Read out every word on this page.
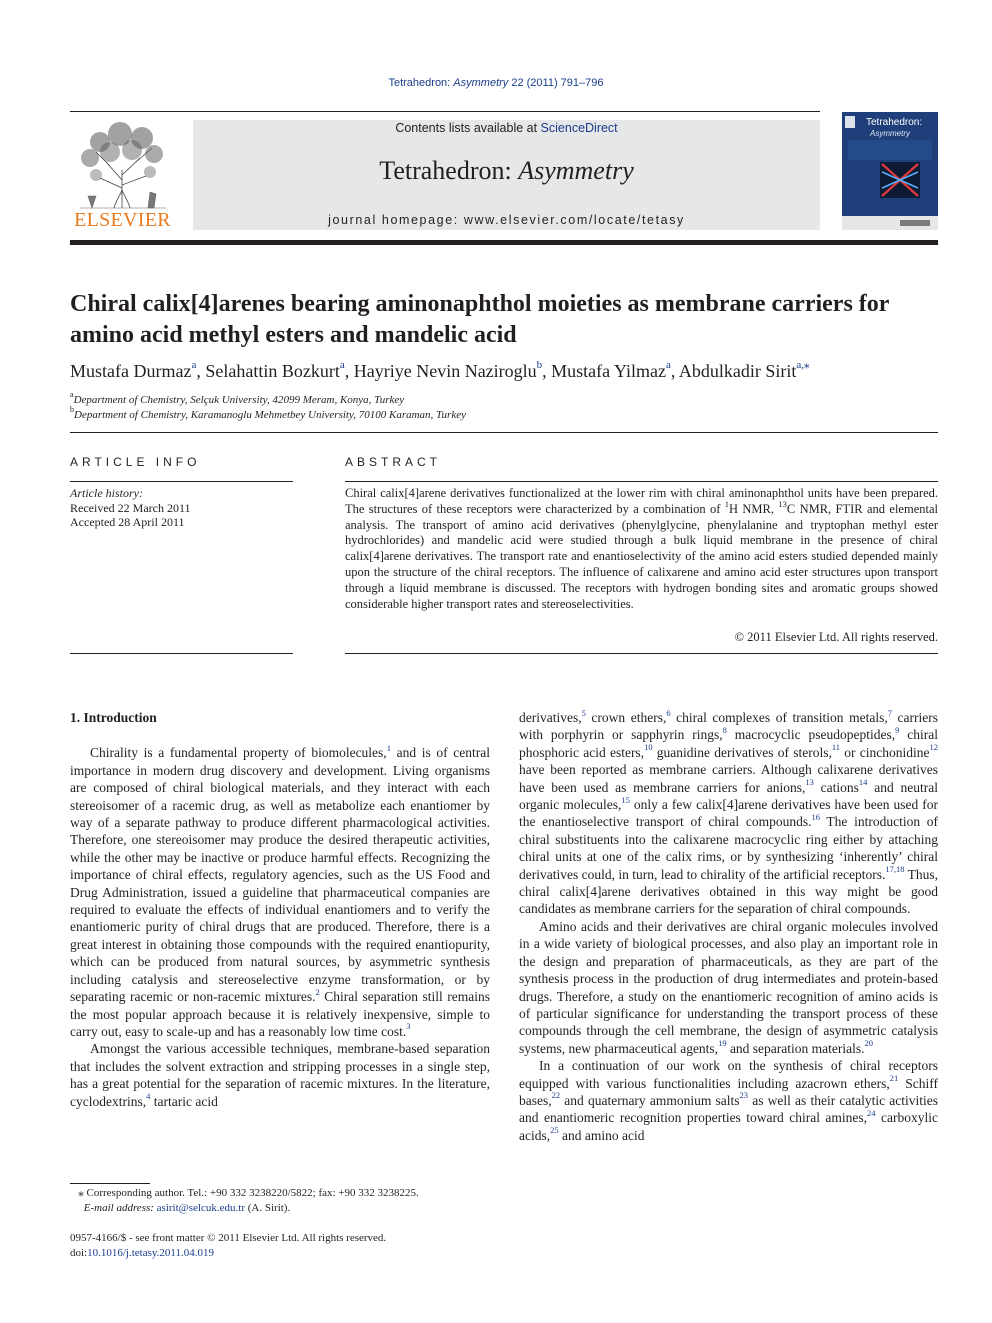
Tetrahedron: Asymmetry 22 (2011) 791–796
ELSEVIER
Contents lists available at ScienceDirect
Tetrahedron: Asymmetry
journal homepage: www.elsevier.com/locate/tetasy
Tetrahedron:
Asymmetry
Chiral calix[4]arenes bearing aminonaphthol moieties as membrane carriers for amino acid methyl esters and mandelic acid
Mustafa Durmaz$^a$, Selahattin Bozkurt$^a$, Hayriye Nevin Naziroglu$^b$, Mustafa Yilmaz$^a$, Abdulkadir Sirit$^{a,⁎}$
$^a$Department of Chemistry, Selçuk University, 42099 Meram, Konya, Turkey
$^b$Department of Chemistry, Karamanoglu Mehmetbey University, 70100 Karaman, Turkey
ARTICLE INFO
Article history:
Received 22 March 2011
Accepted 28 April 2011
ABSTRACT
Chiral calix[4]arene derivatives functionalized at the lower rim with chiral aminonaphthol units have been prepared. The structures of these receptors were characterized by a combination of $^1$H NMR, $^{13}$C NMR, FTIR and elemental analysis. The transport of amino acid derivatives (phenylglycine, phenylalanine and tryptophan methyl ester hydrochlorides) and mandelic acid were studied through a bulk liquid membrane in the presence of chiral calix[4]arene derivatives. The transport rate and enantioselectivity of the amino acid esters studied depended mainly upon the structure of the chiral receptors. The influence of calixarene and amino acid ester structures upon transport through a liquid membrane is discussed. The receptors with hydrogen bonding sites and aromatic groups showed considerable higher transport rates and stereoselectivities.
© 2011 Elsevier Ltd. All rights reserved.
1. Introduction

Chirality is a fundamental property of biomolecules,$^1$ and is of central importance in modern drug discovery and development. Living organisms are composed of chiral biological materials, and they interact with each stereoisomer of a racemic drug, as well as metabolize each enantiomer by way of a separate pathway to produce different pharmacological activities. Therefore, one stereoisomer may produce the desired therapeutic activities, while the other may be inactive or produce harmful effects. Recognizing the importance of chiral effects, regulatory agencies, such as the US Food and Drug Administration, issued a guideline that pharmaceutical companies are required to evaluate the effects of individual enantiomers and to verify the enantiomeric purity of chiral drugs that are produced. Therefore, there is a great interest in obtaining those compounds with the required enantiopurity, which can be produced from natural sources, by asymmetric synthesis including catalysis and stereoselective enzyme transformation, or by separating racemic or non-racemic mixtures.$^2$ Chiral separation still remains the most popular approach because it is relatively inexpensive, simple to carry out, easy to scale-up and has a reasonably low time cost.$^3$

Amongst the various accessible techniques, membrane-based separation that includes the solvent extraction and stripping processes in a single step, has a great potential for the separation of racemic mixtures. In the literature, cyclodextrins,$^4$ tartaric acid

derivatives,$^5$ crown ethers,$^6$ chiral complexes of transition metals,$^7$ carriers with porphyrin or sapphyrin rings,$^8$ macrocyclic pseudopeptides,$^9$ chiral phosphoric acid esters,$^{10}$ guanidine derivatives of sterols,$^{11}$ or cinchonidine$^{12}$ have been reported as membrane carriers. Although calixarene derivatives have been used as membrane carriers for anions,$^{13}$ cations$^{14}$ and neutral organic molecules,$^{15}$ only a few calix[4]arene derivatives have been used for the enantioselective transport of chiral compounds.$^{16}$ The introduction of chiral substituents into the calixarene macrocyclic ring either by attaching chiral units at one of the calix rims, or by synthesizing ‘inherently’ chiral derivatives could, in turn, lead to chirality of the artificial receptors.$^{17,18}$ Thus, chiral calix[4]arene derivatives obtained in this way might be good candidates as membrane carriers for the separation of chiral compounds.

Amino acids and their derivatives are chiral organic molecules involved in a wide variety of biological processes, and also play an important role in the design and preparation of pharmaceuticals, as they are part of the synthesis process in the production of drug intermediates and protein-based drugs. Therefore, a study on the enantiomeric recognition of amino acids is of particular significance for understanding the transport process of these compounds through the cell membrane, the design of asymmetric catalysis systems, new pharmaceutical agents,$^{19}$ and separation materials.$^{20}$

In a continuation of our work on the synthesis of chiral receptors equipped with various functionalities including azacrown ethers,$^{21}$ Schiff bases,$^{22}$ and quaternary ammonium salts$^{23}$ as well as their catalytic activities and enantiomeric recognition properties toward chiral amines,$^{24}$ carboxylic acids,$^{25}$ and amino acid

⁎ Corresponding author. Tel.: +90 332 3238220/5822; fax: +90 332 3238225.
E-mail address: asirit@selcuk.edu.tr (A. Sirit).
0957-4166/$ - see front matter © 2011 Elsevier Ltd. All rights reserved.
doi:10.1016/j.tetasy.2011.04.019
